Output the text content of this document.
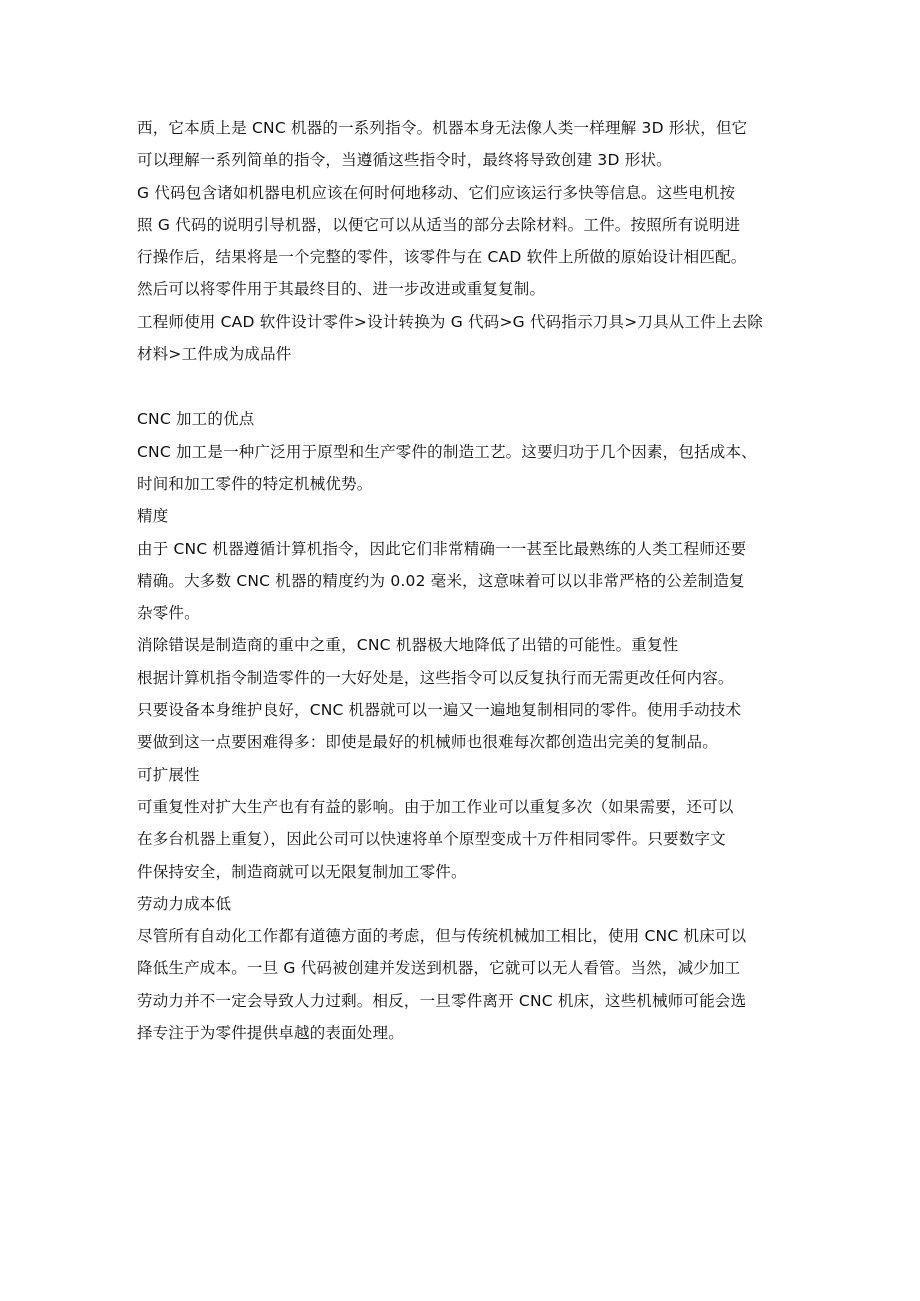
西，它本质上是 CNC 机器的一系列指令。机器本身无法像人类一样理解 3D 形状，但它
可以理解一系列简单的指令，当遵循这些指令时，最终将导致创建 3D 形状。
G 代码包含诸如机器电机应该在何时何地移动、它们应该运行多快等信息。这些电机按
照 G 代码的说明引导机器，以便它可以从适当的部分去除材料。工件。按照所有说明进
行操作后，结果将是一个完整的零件，该零件与在 CAD 软件上所做的原始设计相匹配。
然后可以将零件用于其最终目的、进一步改进或重复复制。
工程师使用 CAD 软件设计零件>设计转换为 G 代码>G 代码指示刀具>刀具从工件上去除
材料>工件成为成品件
CNC 加工的优点
CNC 加工是一种广泛用于原型和生产零件的制造工艺。这要归功于几个因素，包括成本、
时间和加工零件的特定机械优势。
精度
由于 CNC 机器遵循计算机指令，因此它们非常精确一一甚至比最熟练的人类工程师还要
精确。大多数 CNC 机器的精度约为 0.02 毫米，这意味着可以以非常严格的公差制造复
杂零件。
消除错误是制造商的重中之重，CNC 机器极大地降低了出错的可能性。重复性
根据计算机指令制造零件的一大好处是，这些指令可以反复执行而无需更改任何内容。
只要设备本身维护良好，CNC 机器就可以一遍又一遍地复制相同的零件。使用手动技术
要做到这一点要困难得多：即使是最好的机械师也很难每次都创造出完美的复制品。
可扩展性
可重复性对扩大生产也有有益的影响。由于加工作业可以重复多次（如果需要，还可以
在多台机器上重复），因此公司可以快速将单个原型变成十万件相同零件。只要数字文
件保持安全，制造商就可以无限复制加工零件。
劳动力成本低
尽管所有自动化工作都有道德方面的考虑，但与传统机械加工相比，使用 CNC 机床可以
降低生产成本。一旦 G 代码被创建并发送到机器，它就可以无人看管。当然，减少加工
劳动力并不一定会导致人力过剩。相反，一旦零件离开 CNC 机床，这些机械师可能会选
择专注于为零件提供卓越的表面处理。
